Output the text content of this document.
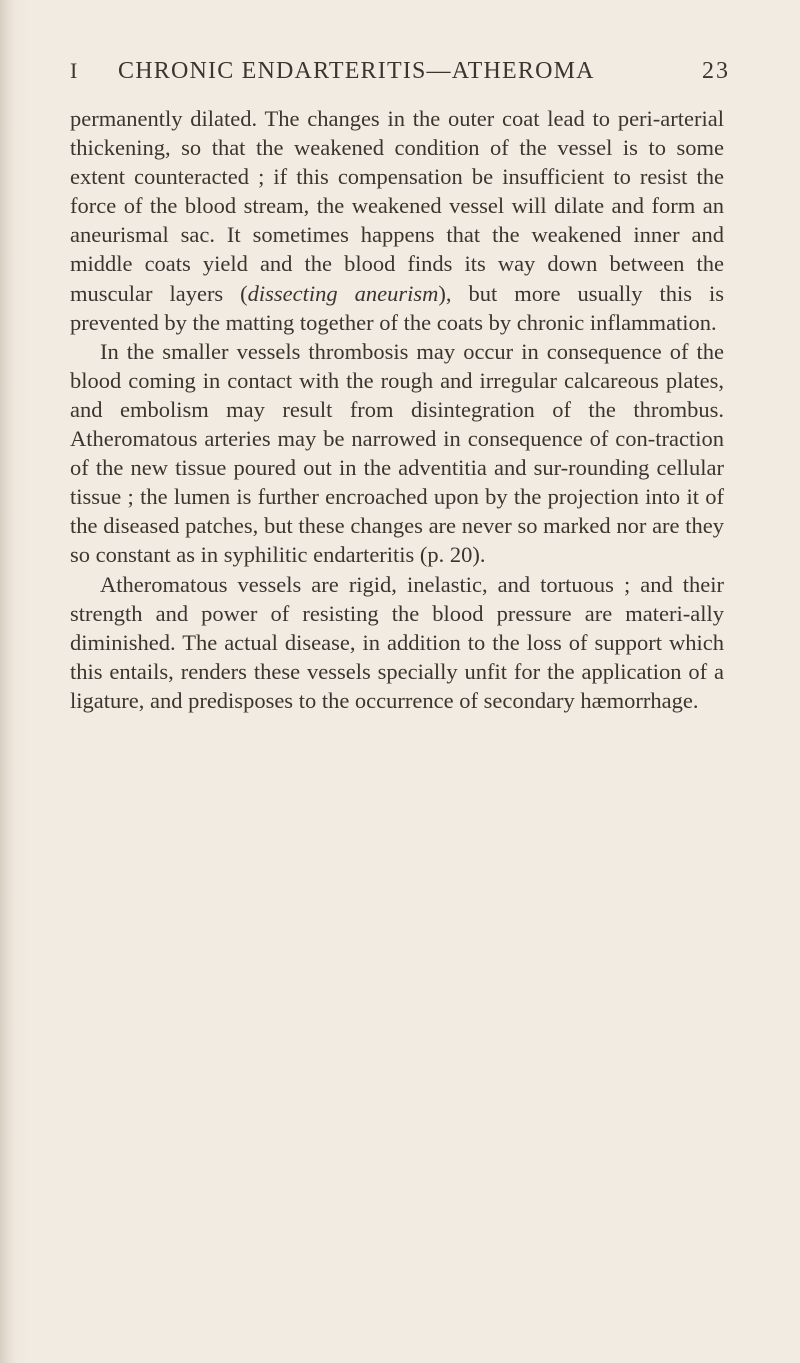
I CHRONIC ENDARTERITIS—ATHEROMA	23

permanently dilated. The changes in the outer coat lead to peri-arterial thickening, so that the weakened condition of the vessel is to some extent counteracted ; if this compensation be insufficient to resist the force of the blood stream, the weakened vessel will dilate and form an aneurismal sac. It sometimes happens that the weakened inner and middle coats yield and the blood finds its way down between the muscular layers (dissecting aneurism), but more usually this is prevented by the matting together of the coats by chronic inflammation.

In the smaller vessels thrombosis may occur in consequence of the blood coming in contact with the rough and irregular calcareous plates, and embolism may result from disintegration of the thrombus. Atheromatous arteries may be narrowed in consequence of con-traction of the new tissue poured out in the adventitia and sur-rounding cellular tissue ; the lumen is further encroached upon by the projection into it of the diseased patches, but these changes are never so marked nor are they so constant as in syphilitic endarteritis (p. 20).

Atheromatous vessels are rigid, inelastic, and tortuous ; and their strength and power of resisting the blood pressure are materi-ally diminished. The actual disease, in addition to the loss of support which this entails, renders these vessels specially unfit for the application of a ligature, and predisposes to the occurrence of secondary hæmorrhage.
